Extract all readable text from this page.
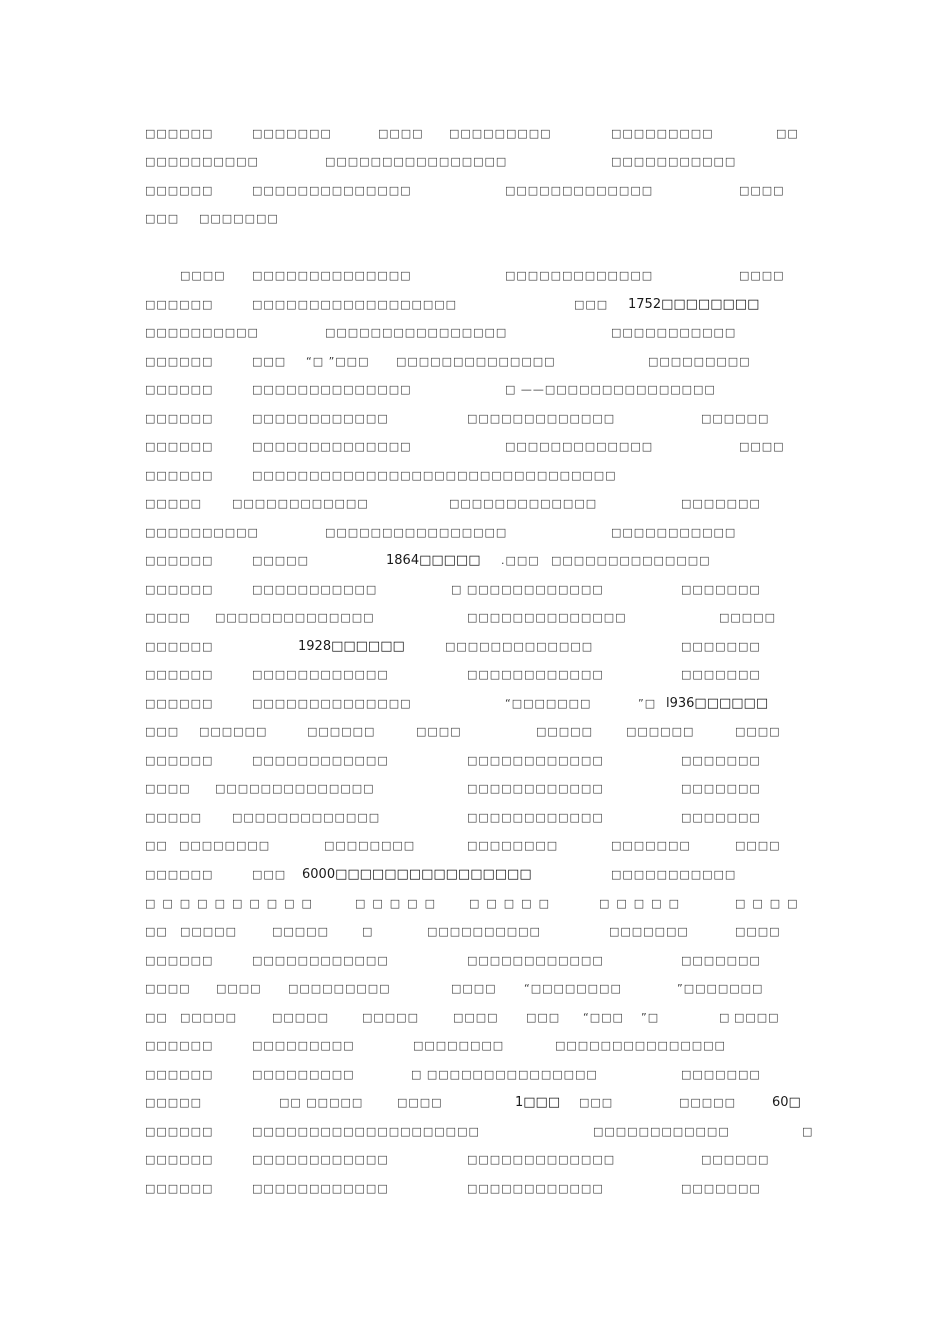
□□□□□□	□□□□□□□	□□□□ □□□□□□□□□	□□□□□□□□□	□□
□□□□□□□□□□	□□□□□□□□□□□□□□□□	□□□□□□□□□□□
□□□□□□	□□□□□□□□□□□□□□	□□□□□□□□□□□□□	□□□□
□□□ □□□□□□□
□□□□ □□□□□□□□□□□□□□	□□□□□□□□□□□□□	□□□□
□□□□□□	□□□□□□□□□□□□□□□□□□	□□□ 1752□□□□□□□□
□□□□□□□□□□	□□□□□□□□□□□□□□□□	□□□□□□□□□□□
□□□□□□	□□□ “□ ”□□□ □□□□□□□□□□□□□□	□□□□□□□□□
□□□□□□	□□□□□□□□□□□□□□	□ ——□□□□□□□□□□□□□□□
□□□□□□	□□□□□□□□□□□□	□□□□□□□□□□□□□	□□□□□□
□□□□□□	□□□□□□□□□□□□□□	□□□□□□□□□□□□□	□□□□
□□□□□□	□□□□□□□□□□□□□□□□□□□□□□□□□□□□□□□□
□□□□□	□□□□□□□□□□□□	□□□□□□□□□□□□□	□□□□□□□
□□□□□□□□□□	□□□□□□□□□□□□□□□□	□□□□□□□□□□□
□□□□□□	□□□□□	1864□□□□□ .□□□ □□□□□□□□□□□□□□
□□□□□□	□□□□□□□□□□□	□ □□□□□□□□□□□□	□□□□□□□
□□□□ □□□□□□□□□□□□□□	□□□□□□□□□□□□□□	□□□□□
□□□□□□	1928□□□□□□	□□□□□□□□□□□□□	□□□□□□□
□□□□□□	□□□□□□□□□□□□	□□□□□□□□□□□□	□□□□□□□
□□□□□□	□□□□□□□□□□□□□□	“□□□□□□□	”□ l936□□□□□□
□□□ □□□□□□	□□□□□□	□□□□	□□□□□	□□□□□□	□□□□
□□□□□□	□□□□□□□□□□□□	□□□□□□□□□□□□	□□□□□□□
□□□□ □□□□□□□□□□□□□□	□□□□□□□□□□□□	□□□□□□□
□□□□□	□□□□□□□□□□□□□	□□□□□□□□□□□□	□□□□□□□
□□ □□□□□□□□	□□□□□□□□	□□□□□□□□	□□□□□□□	□□□□
□□□□□□	□□□ 6000□□□□□□□□□□□□□□□□	□□□□□□□□□□□
□□□□□□□□□□	□□□□□ □□□□□	□□□□□	□□□□
□□ □□□□□	□□□□□	□	□□□□□□□□□□	□□□□□□□	□□□□
□□□□□□	□□□□□□□□□□□□	□□□□□□□□□□□□	□□□□□□□
□□□□ □□□□ □□□□□□□□□	□□□□ “□□□□□□□□	”□□□□□□□
□□ □□□□□	□□□□□	□□□□□	□□□□ □□□ “□□□ ”□	□ □□□□
□□□□□□	□□□□□□□□□	□□□□□□□□	□□□□□□□□□□□□□□□
□□□□□□	□□□□□□□□□	□ □□□□□□□□□□□□□□□	□□□□□□□
□□□□□	□□ □□□□□	□□□□	1□□□ □□□	□□□□□	60□
□□□□□□	□□□□□□□□□□□□□□□□□□□□	□□□□□□□□□□□□	□
□□□□□□	□□□□□□□□□□□□	□□□□□□□□□□□□□	□□□□□□
□□□□□□	□□□□□□□□□□□□	□□□□□□□□□□□□	□□□□□□□
